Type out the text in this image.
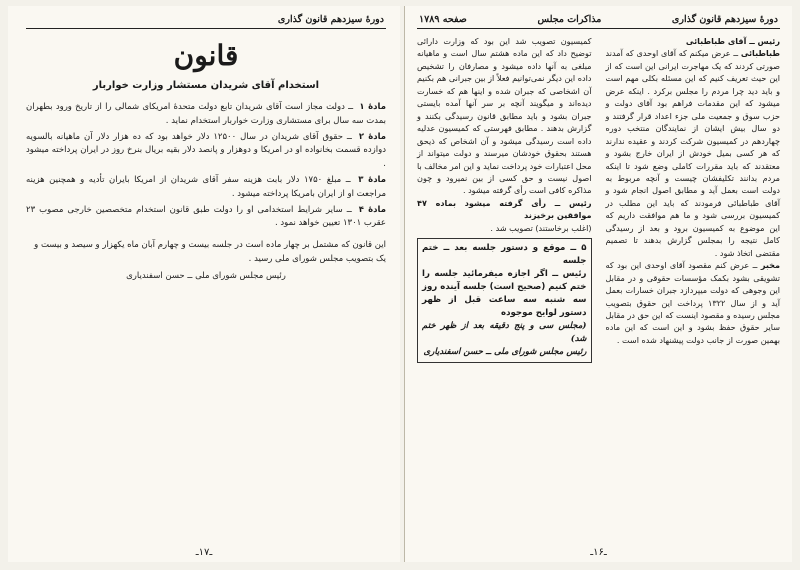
دورهٔ سیزدهم قانون گذاری
قانون
استخدام آقای شریدان مستشار وزارت خواربار
مادهٔ ۱ ــ دولت مجاز است آقای شریدان تابع دولت متحدهٔ امریکای شمالی را از تاریخ ورود بطهران بمدت سه سال برای مستشاری وزارت خواربار استخدام نماید .
مادهٔ ۲ ــ حقوق آقای شریدان در سال ۱۲۵۰۰ دلار خواهد بود که ده هزار دلار آن ماهیانه بالسویه دوازده قسمت بخانواده او در امریکا و دوهزار و پانصد دلار بقیه بریال بنرخ روز در ایران پرداخته میشود .
مادهٔ ۳ ــ مبلغ ۱۷۵۰ دلار بابت هزینه سفر آقای شریدان از امریکا بایران تأدیه و همچنین هزینه مراجعت او از ایران بامریکا پرداخته میشود .
مادهٔ ۴ ــ سایر شرایط استخدامی او را دولت طبق قانون استخدام متخصصین خارجی مصوب ۲۳ عقرب ۱۳۰۱ تعیین خواهد نمود .
این قانون که مشتمل بر چهار ماده است در جلسه بیست و چهارم آبان ماه یکهزار و سیصد و بیست و یک بتصویب مجلس شورای ملی رسید .
رئیس مجلس شورای ملی ــ حسن اسفندیاری
ـ۱۷ـ
دورهٔ سیزدهم قانون گذاری
مذاکرات مجلس
صفحه ۱۷۸۹

رئیس ــ آقای طباطبائی

طباطبائی ــ عرض میکنم که آقای اوحدی که آمدند صورتی کردند که یک مهاجرت ایرانی این است که از این حیث تعریف کنیم که این مسئله بکلی مهم است و باید دید چرا مردم را مجلس برکرد . اینکه عرض میشود که این مقدمات فراهم بود آقای دولت و حزب سوق و جمعیت ملی جزء اعداد قرار گرفتند و دو سال بیش ایشان از نمایندگان منتخب دوره چهاردهم در کمیسیون شرکت کردند و عقیده ندارند که هر کسی بمیل خودش از ایران خارج بشود و معتقدند که باید مقررات کاملی وضع شود تا اینکه مردم بدانند تکلیفشان چیست و آنچه مربوط به دولت است بعمل آید و مطابق اصول انجام شود و آقای طباطبائی فرمودند که باید این مطلب در کمیسیون بررسی شود و ما هم موافقت داریم که این موضوع به کمیسیون برود و بعد از رسیدگی کامل نتیجه را بمجلس گزارش بدهند تا تصمیم مقتضی اتخاذ شود .

مخبر ــ عرض کنم مقصود آقای اوحدی این بود که تشویقی بشود بکمک مؤسسات حقوقی و در مقابل این وجوهی که دولت میپردازد جبران خسارات بعمل آید و از سال ۱۳۲۲ پرداخت این حقوق بتصویب مجلس رسیده و مقصود اینست که این حق در مقابل سایر حقوق حفظ بشود و این است که این ماده بهمین صورت از جانب دولت پیشنهاد شده است .

کمیسیون تصویب شد این بود که وزارت دارائی توضیح داد که این ماده هشتم سال است و ماهیانه مبلغی به آنها داده میشود و مصارفان را تشخیص داده این دیگر نمی‌توانیم فعلاً از بین جبرانی هم بکنیم آن اشخاصی که جبران شده و اینها هم که خسارت دیده‌اند و میگویند آنچه بر سر آنها آمده بایستی جبران بشود و باید مطابق قانون رسیدگی بکنند و گزارش بدهند . مطابق فهرستی که کمیسیون عدلیه داده است رسیدگی میشود و آن اشخاص که ذیحق هستند بحقوق خودشان میرسند و دولت میتواند از محل اعتبارات خود پرداخت نماید و این امر مخالف با اصول نیست و حق کسی از بین نمیرود و چون مذاکره کافی است رأی گرفته میشود .

رئیس ــ رأی گرفته میشود بماده ۴۷ موافقین برخیزند

(اغلب برخاستند) تصویب شد .

۵ ــ موقع و دستور جلسه بعد ــ ختم جلسه
رئیس ــ اگر اجازه میفرمائید جلسه را ختم کنیم (صحیح است) جلسه آینده روز سه شنبه سه ساعت قبل از ظهر دستور لوایح موجوده
(مجلس سی و پنج دقیقه بعد از ظهر ختم شد)
رئیس مجلس شورای ملی ــ حسن اسفندیاری
ـ۱۶ـ
